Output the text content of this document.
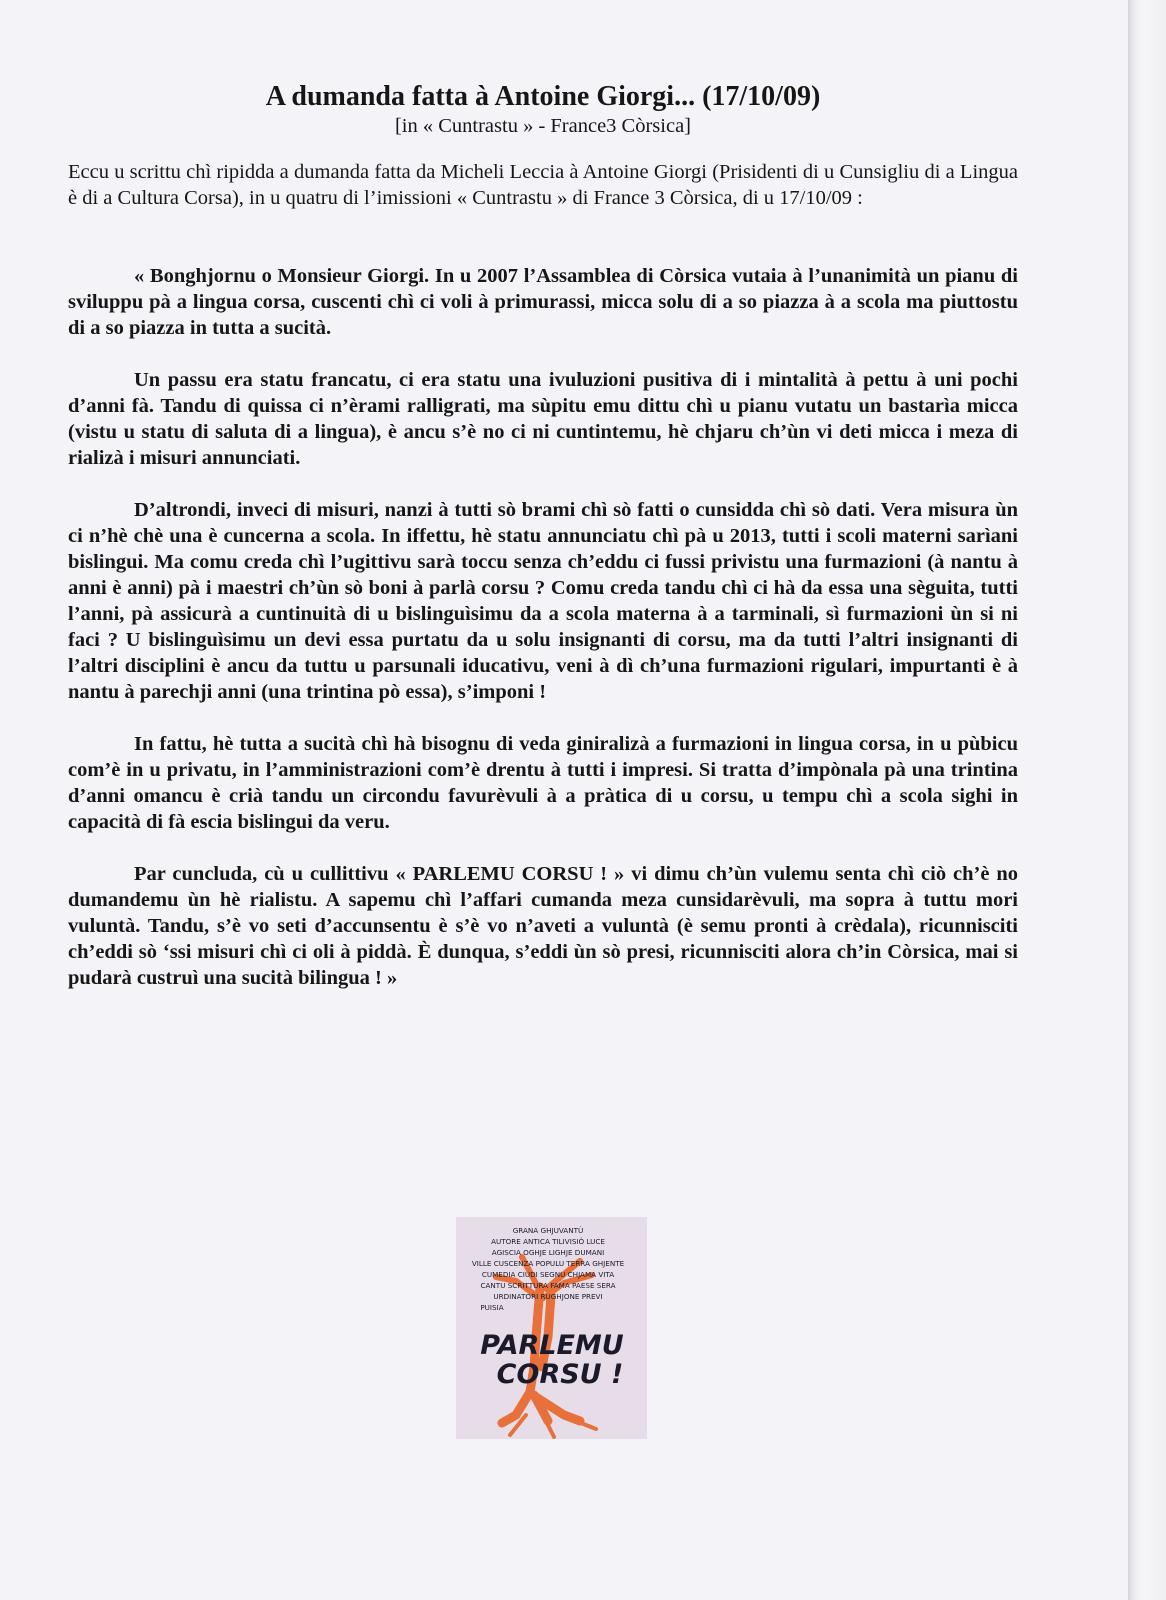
A dumanda fatta à Antoine Giorgi... (17/10/09)
[in « Cuntrastu » - France3 Còrsica]
Eccu u scrittu chì ripidda a dumanda fatta da Micheli Leccia à Antoine Giorgi (Prisidenti di u Cunsigliu di a Lingua è di a Cultura Corsa), in u quatru di l’imissioni « Cuntrastu » di France 3 Còrsica, di u 17/10/09 :

« Bonghjornu o Monsieur Giorgi. In u 2007 l’Assamblea di Còrsica vutaia à l’unanimità un pianu di sviluppu pà a lingua corsa, cuscenti chì ci voli à primurassi, micca solu di a so piazza à a scola ma piuttostu di a so piazza in tutta a sucità.

Un passu era statu francatu, ci era statu una ivuluzioni pusitiva di i mintalità à pettu à uni pochi d’anni fà. Tandu di quissa ci n’èrami ralligrati, ma sùpitu emu dittu chì u pianu vutatu un bastarìa micca (vistu u statu di saluta di a lingua), è ancu s’è no ci ni cuntintemu, hè chjaru ch’ùn vi deti micca i meza di rializà i misuri annunciati.

D’altrondi, inveci di misuri, nanzi à tutti sò brami chì sò fatti o cunsidda chì sò dati. Vera misura ùn ci n’hè chè una è cuncerna a scola. In iffettu, hè statu annunciatu chì pà u 2013, tutti i scoli materni sarìani bislingui. Ma comu creda chì l’ugittivu sarà toccu senza ch’eddu ci fussi privistu una furmazioni (à nantu à anni è anni) pà i maestri ch’ùn sò boni à parlà corsu ? Comu creda tandu chì ci hà da essa una sèguita, tutti l’anni, pà assicurà a cuntinuità di u bislinguìsimu da a scola materna à a tarminali, sì furmazioni ùn si ni faci ? U bislinguìsimu un devi essa purtatu da u solu insignanti di corsu, ma da tutti l’altri insignanti di l’altri disciplini è ancu da tuttu u parsunali iducativu, veni à dì ch’una furmazioni rigulari, impurtanti è à nantu à parechji anni (una trintina pò essa), s’imponi !

In fattu, hè tutta a sucità chì hà bisognu di veda giniralizà a furmazioni in lingua corsa, in u pùbicu com’è in u privatu, in l’amministrazioni com’è drentu à tutti i impresi. Si tratta d’impònala pà una trintina d’anni omancu è crià tandu un circondu favurèvuli à a pràtica di u corsu, u tempu chì a scola sighi in capacità di fà escia bislingui da veru.

Par cuncluda, cù u cullittivu « PARLEMU CORSU ! » vi dimu ch’ùn vulemu senta chì ciò ch’è no dumandemu ùn hè rialistu. A sapemu chì l’affari cumanda meza cunsidarèvuli, ma sopra à tuttu mori vuluntà. Tandu, s’è vo seti d’accunsentu è s’è vo n’aveti a vuluntà (è semu pronti à crèdala), ricunnisciti ch’eddi sò ‘ssi misuri chì ci oli à piddà. È dunqua, s’eddi ùn sò presi, ricunnisciti alora ch’in Còrsica, mai si pudarà custruì una sucità bilingua ! »

GRANA GHJUVANTÙ
AUTORE ANTICA TILIVISIÒ LUCE
AGISCIA OGHJE LIGHJE DUMANI
VILLE CUSCENZA POPULU TERRA GHJENTE
CUMEDIA CIUDI SEGNU CHJAMA VITA
CANTU SCRITTURA FAMA PAESE SERA
URDINATORI RUGHJONE PREVI
PUISIA
PARLEMU
CORSU !
